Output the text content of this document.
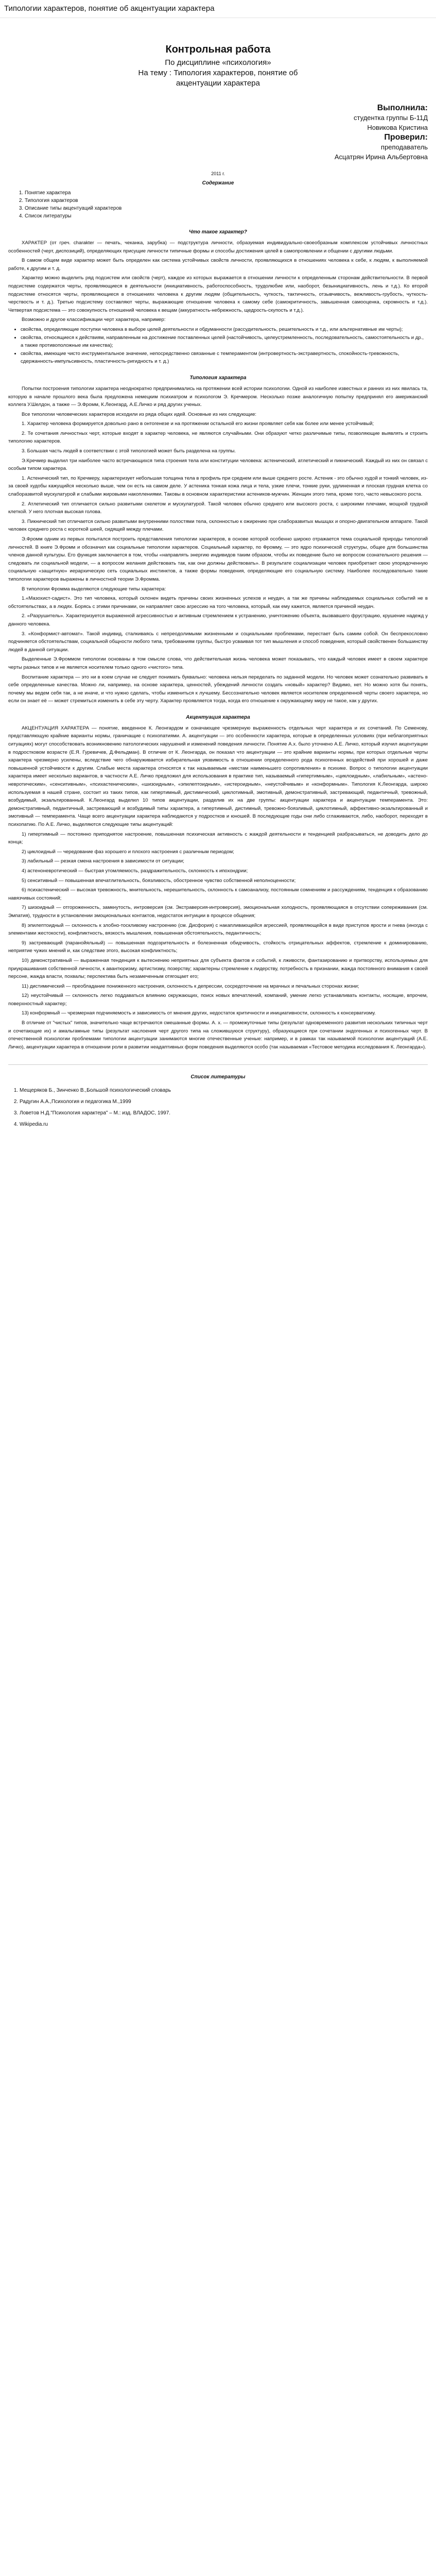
Типологии характеров, понятие об акцентуации характера
Контрольная работа
По дисциплине «психология»
На тему : Типология характеров, понятие об
акцентуации характера
Выполнила:
студентка группы Б-11Д
Новикова Кристина
Проверил:
преподаватель
Асцатрян Ирина Альбертовна
2011 г.
Содержание
1. Понятие характера
2. Типология характеров
3. Описание типы акцентуаций характеров
4. Список литературы
Что такое характер?

ХАРАКТЕР (от греч. charakter — печать, чеканка, зарубка) — подструктура личности, образуемая индивидуально-своеобразным комплексом устойчивых личностных особенностей (черт, диспозиций), определяющих присущие личности типичные формы и способы достижения целей в самопроявлении и общении с другими людьми.

В самом общем виде характер может быть определен как система устойчивых свойств личности, проявляющихся в отношениях человека к себе, к людям, к выполняемой работе, к другим и т. д.

Характер можно выделить ряд подсистем или свойств (черт), каждое из которых выражается в отношении личности к определенным сторонам действительности. В первой подсистеме содержатся черты, проявляющиеся в деятельности (инициативность, работоспособность, трудолюбие или, наоборот, безынициативность, лень и т.д.). Ко второй подсистеме относятся черты, проявляющиеся в отношениях человека к другим людям (общительность, чуткость, тактичность, отзывчивость, вежливость-грубость, чуткость-черствость и т. д.). Третью подсистему составляют черты, выражающие отношение человека к самому себе (самокритичность, завышенная самооценка, скромность и т.д.). Четвертая подсистема — это совокупность отношений человека к вещам (аккуратность-небрежность, щедрость-скупость и т.д.).

Возможно и другое классификации черт характера, например:

• свойства, определяющие поступки человека в выборе целей деятельности и обдуманности (рассудительность, решительность и т.д., или альтернативные им черты);
• свойства, относящиеся к действиям, направленным на достижение поставленных целей (настойчивость, целеустремленность, последовательность, самостоятельность и др., а также противоположные им качества);
• свойства, имеющие чисто инструментальное значение, непосредственно связанные с темпераментом (интровертность-экстравертность, спокойность-тревожность, сдержанность-импульсивность, пластичность-ригидность и т. д.)
Типология характера

Попытки построения типологии характера неоднократно предпринимались на протяжении всей истории психологии. Одной из наиболее известных и ранних из них явилась та, которую в начале прошлого века была предложена немецким психиатром и психологом Э. Кречмером. Несколько позже аналогичную попытку предпринял его американский коллега У.Шелдон, а также — Э.Фромм, К.Леонгард, А.Е.Личко и ряд других ученых.

Все типологии человеческих характеров исходили из ряда общих идей. Основные из них следующие:

1. Характер человека формируется довольно рано в онтогенезе и на протяжении остальной его жизни проявляет себя как более или менее устойчивый;

2. Те сочетания личностных черт, которые входят в характер человека, не являются случайными. Они образуют четко различимые типы, позволяющие выявлять и строить типологию характеров.

3. Большая часть людей в соответствии с этой типологией может быть разделена на группы.

Э.Кречмер выделил три наиболее часто встречающихся типа строения тела или конституции человека: астенический, атлетический и пикнический. Каждый из них он связал с особым типом характера.

1. Астенический тип, по Кречмеру, характеризует небольшая толщина тела в профиль при среднем или выше среднего росте. Астеник - это обычно худой и тонкий человек, из-за своей худобы кажущийся несколько выше, чем он есть на самом деле. У астеника тонкая кожа лица и тела, узкие плечи, тонкие руки, удлиненная и плоская грудная клетка со слаборазвитой мускулатурой и слабыми жировыми накоплениями. Таковы в основном характеристики астеников-мужчин. Женщин этого типа, кроме того, часто невысокого роста.

2. Атлетический тип отличается сильно развитыми скелетом и мускулатурой. Такой человек обычно среднего или высокого роста, с широкими плечами, мощной грудной клеткой. У него плотная высокая голова.

3. Пикнический тип отличается сильно развитыми внутренними полостями тела, склонностью к ожирению при слаборазвитых мышцах и опорно-двигательном аппарате. Такой человек среднего роста с короткой шеей, сидящей между плечами.

Э.Фромм одним из первых попытался построить представления типологии характеров, в основе которой особенно широко отражается тема социальной природы типологий личностей. В книге Э.Фромм и обозначил как социальные типологии характеров. Социальный характер, по Фромму, — это ядро психической структуры, общее для большинства членов данной культуры. Его функция заключается в том, чтобы «направлять энергию индивидов таким образом, чтобы их поведение было не вопросом сознательного решения — следовать ли социальной модели, — а вопросом желания действовать так, как они должны действовать». В результате социализации человек приобретает свою упорядоченную социальную «защитную» иерархическую сеть социальных инстинктов, а также формы поведения, определяющие его социальную систему. Наиболее последовательно такие типологии характеров выражены в личностной теории Э.Фромма.

В типологии Фромма выделяются следующие типы характера:

1.«Мазохист-садист». Это тип человека, который склонен видеть причины своих жизненных успехов и неудач, а так же причины наблюдаемых социальных событий не в обстоятельствах, а в людях. Борясь с этими причинами, он направляет свою агрессию на того человека, который, как ему кажется, является причиной неудач.

2. «Разрушитель». Характеризуется выраженной агрессивностью и активным стремлением к устранению, уничтожению объекта, вызвавшего фрустрацию, крушение надежд у данного человека.

3. «Конформист-автомат». Такой индивид, сталкиваясь с непреодолимыми жизненными и социальными проблемами, перестает быть самим собой. Он беспрекословно подчиняется обстоятельствам, социальной общности любого типа, требованиям группы, быстро усваивая тот тип мышления и способ поведения, который свойственен большинству людей в данной ситуации.

Выделенные Э.Фроммом типологии основаны в том смысле слова, что действительная жизнь человека может показывать, что каждый человек имеет в своем характере черты разных типов и не является носителем только одного «чистого» типа.

Воспитание характера — это ни в коем случае не следует понимать буквально: человека нельзя переделать по заданной модели. Но человек может сознательно развивать в себе определенные качества. Можно ли, например, на основе характера, ценностей, убеждений личности создать «новый» характер? Видимо, нет. Но можно хотя бы понять, почему мы ведем себя так, а не иначе, и что нужно сделать, чтобы измениться к лучшему. Бессознательно человек является носителем определенной черты своего характера, но если он знает её — может стремиться изменить в себе эту черту. Характер проявляется тогда, когда его отношение к окружающему миру не такое, как у других.

Акцентуация характера

АКЦЕНТУАЦИЯ ХАРАКТЕРА — понятие, введенное К. Леонгардом и означающее чрезмерную выраженность отдельных черт характера и их сочетаний. По Семенову, представляющую крайние варианты нормы, граничащие с психопатиями. А. акцентуации — это особенности характера, которые в определенных условиях (при неблагоприятных ситуациях) могут способствовать возникновению патологических нарушений и изменений поведения личности. Понятие А.х. было уточнено А.Е. Личко, который изучил акцентуации в подростковом возрасте (Е.Я. Гуревичев, Д.Фельдман). В отличие от К. Леонгарда, он показал что акцентуации — это крайние варианты нормы, при которых отдельные черты характера чрезмерно усилены, вследствие чего обнаруживается избирательная уязвимость в отношении определенного рода психогенных воздействий при хорошей и даже повышенной устойчивости к другим. Слабые места характера относятся к так называемым «местам наименьшего сопротивления» в психике. Вопрос о типологии акцентуации характера имеет несколько вариантов, в частности А.Е. Личко предложил для использования в практике тип, называемый «гипертимным», «циклоидным», «лабильным», «астено-невротическим», «сенситивным», «психастеническим», «шизоидным», «эпилептоидным», «истероидным», «неустойчивым» и «конформным». Типология К.Леонгарда, широко используемая в нашей стране, состоит из таких типов, как гипертимный, дистимический, циклотимный, эмотивный, демонстративный, застревающий, педантичный, тревожный, возбудимый, экзальтированный. К.Леонгард выделил 10 типов акцентуации, разделив их на две группы: акцентуации характера и акцентуации темперамента. Это: демонстративный, педантичный, застревающий и возбудимый типы характера, а гипертимный, дистимный, тревожно-боязливый, циклотимный, аффективно-экзальтированный и эмотивный — темперамента. Чаще всего акцентуации характера наблюдаются у подростков и юношей. В последующие годы они либо сглаживаются, либо, наоборот, переходят в психопатию. По А.Е. Личко, выделяются следующие типы акцентуаций:

1) гипертимный — постоянно приподнятое настроение, повышенная психическая активность с жаждой деятельности и тенденцией разбрасываться, не доводить дело до конца;

2) циклоидный — чередование фаз хорошего и плохого настроения с различным периодом;

3) лабильный — резкая смена настроения в зависимости от ситуации;

4) астеноневротический — быстрая утомляемость, раздражительность, склонность к ипохондрии;

5) сенситивный — повышенная впечатлительность, боязливость, обостренное чувство собственной неполноценности;

6) психастенический — высокая тревожность, мнительность, нерешительность, склонность к самоанализу, постоянным сомнениям и рассуждениям, тенденция к образованию навязчивых состояний;

7) шизоидный — отгороженность, замкнутость, интроверсия (см. Экстраверсия-интроверсия), эмоциональная холодность, проявляющаяся в отсутствии сопереживания (см. Эмпатия), трудности в установлении эмоциональных контактов, недостаток интуиции в процессе общения;

8) эпилептоидный — склонность к злобно-тоскливому настроению (см. Дисфория) с накапливающейся агрессией, проявляющейся в виде приступов ярости и гнева (иногда с элементами жестокости), конфликтность, вязкость мышления, повышенная обстоятельность, педантичность;

9) застревающий (паранойяльный) — повышенная подозрительность и болезненная обидчивость, стойкость отрицательных аффектов, стремление к доминированию, неприятие чужих мнений и, как следствие этого, высокая конфликтность;

10) демонстративный — выраженная тенденция к вытеснению неприятных для субъекта фактов и событий, к лживости, фантазированию и притворству, используемых для приукрашивания собственной личности, к авантюризму, артистизму, позерству; характерны стремление к лидерству, потребность в признании, жажда постоянного внимания к своей персоне, жажда власти, похвалы; перспектива быть незамеченным отягощает его;

11) дистимический — преобладание пониженного настроения, склонность к депрессии, сосредоточение на мрачных и печальных сторонах жизни;

12) неустойчивый — склонность легко поддаваться влиянию окружающих, поиск новых впечатлений, компаний, умение легко устанавливать контакты, носящие, впрочем, поверхностный характер;

13) конформный — чрезмерная подчиняемость и зависимость от мнения других, недостаток критичности и инициативности, склонность к консерватизму.

В отличие от "чистых" типов, значительно чаще встречаются смешанные формы. А. х. — промежуточные типы (результат одновременного развития нескольких типичных черт и сочетающие их) и амальгамные типы (результат наслоения черт другого типа на сложившуюся структуру), образующиеся при сочетании эндогенных и психогенных черт. В отечественной психологии проблемами типологии акцентуации занимаются многие отечественные ученые: например, и в рамках так называемой психологии акцентуаций (А.Е. Личко), акцентуации характера в отношении роли в развитии неадаптивных форм поведения выделяются особо (так называемая «Тестовое методика исследования К. Леонгарда»).

Список литературы
1. Мещеряков Б., Зинченко В.,Большой психологический словарь
2. Радугин А.А.,Психология и педагогика М.,1999
3. Ловетов Н.Д."Психология характера" – М.: изд. ВЛАДОС, 1997.
4. Wikipedia.ru
